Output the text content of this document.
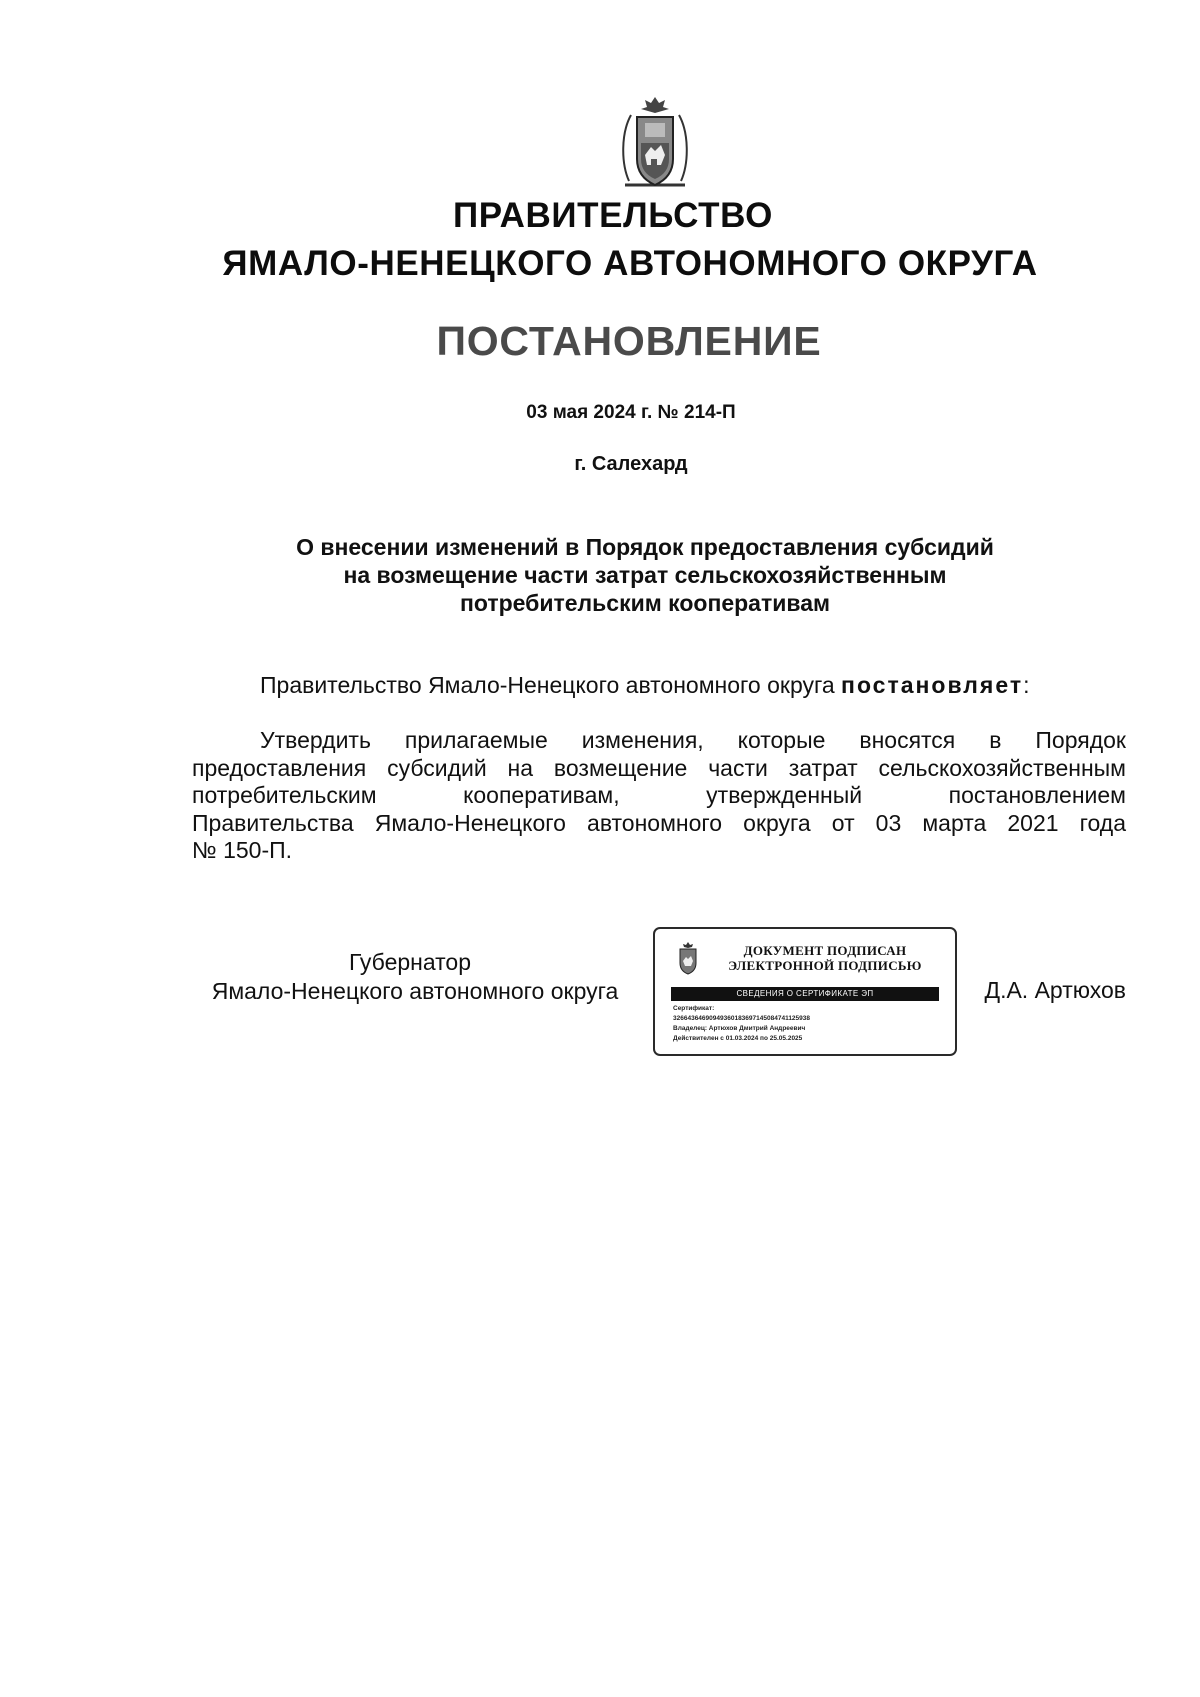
ПРАВИТЕЛЬСТВО
ЯМАЛО-НЕНЕЦКОГО АВТОНОМНОГО ОКРУГА
ПОСТАНОВЛЕНИЕ
03 мая 2024 г. № 214-П
г. Салехард
О внесении изменений в Порядок предоставления субсидий
на возмещение части затрат сельскохозяйственным
потребительским кооперативам
Правительство Ямало-Ненецкого автономного округа постановляет:
Утвердить прилагаемые изменения, которые вносятся в Порядок
предоставления субсидий на возмещение части затрат сельскохозяйственным
потребительским кооперативам, утвержденный постановлением
Правительства Ямало-Ненецкого автономного округа от 03 марта 2021 года
№ 150-П.
Губернатор
Ямало-Ненецкого автономного округа
ДОКУМЕНТ ПОДПИСАН
ЭЛЕКТРОННОЙ ПОДПИСЬЮ
СВЕДЕНИЯ О СЕРТИФИКАТЕ ЭП
Сертификат:
32664364690949360183697145084741125938
Владелец: Артюхов Дмитрий Андреевич
Действителен с 01.03.2024 по 25.05.2025
Д.А. Артюхов
